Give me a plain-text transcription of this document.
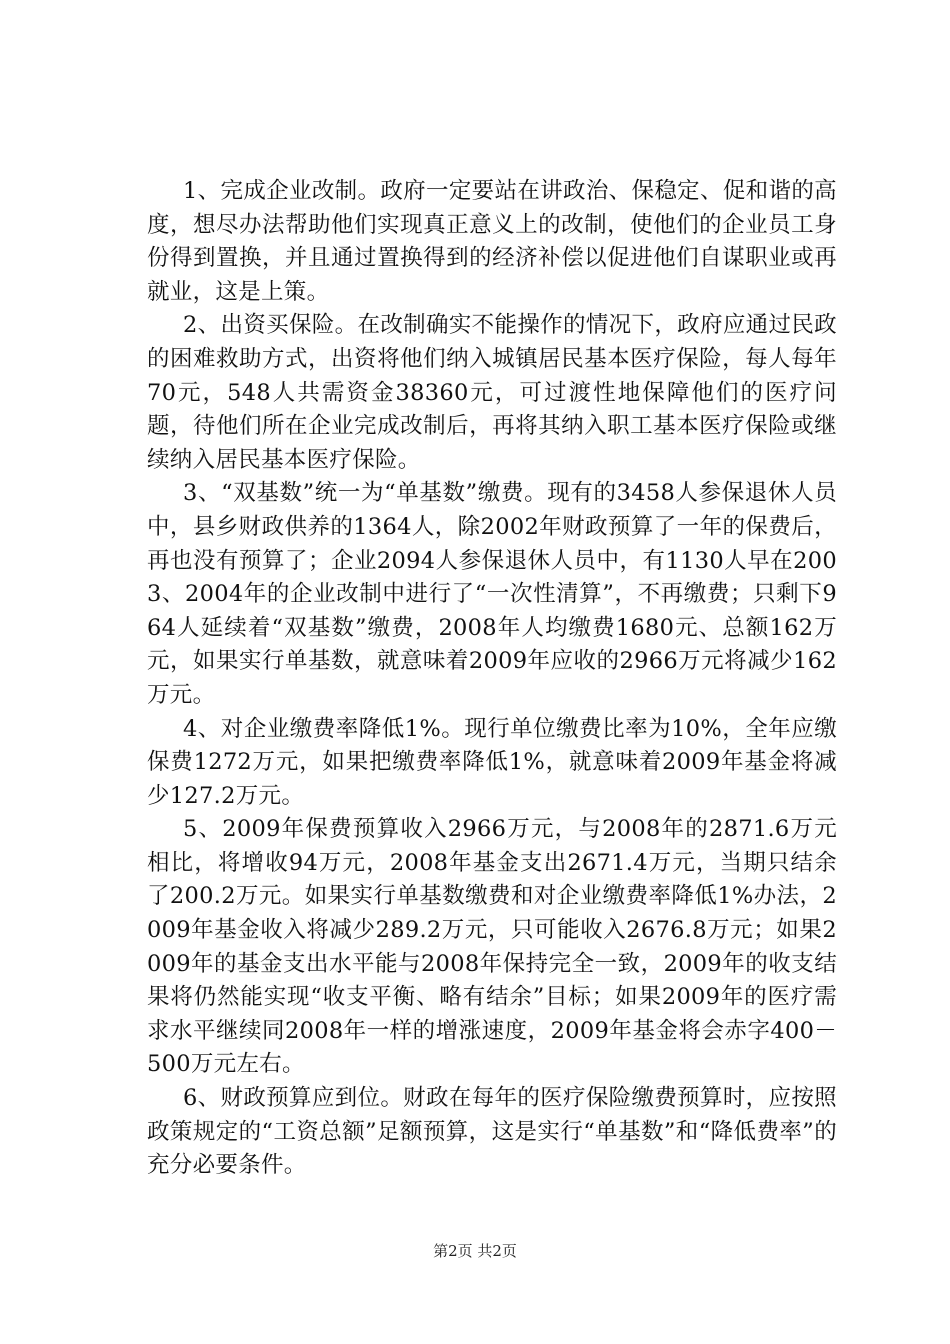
1、完成企业改制。政府一定要站在讲政治、保稳定、促和谐的高度，想尽办法帮助他们实现真正意义上的改制，使他们的企业员工身份得到置换，并且通过置换得到的经济补偿以促进他们自谋职业或再就业，这是上策。

2、出资买保险。在改制确实不能操作的情况下，政府应通过民政的困难救助方式，出资将他们纳入城镇居民基本医疗保险，每人每年70元，548人共需资金38360元，可过渡性地保障他们的医疗问题，待他们所在企业完成改制后，再将其纳入职工基本医疗保险或继续纳入居民基本医疗保险。

3、“双基数”统一为“单基数”缴费。现有的3458人参保退休人员中，县乡财政供养的1364人，除2002年财政预算了一年的保费后，再也没有预算了；企业2094人参保退休人员中，有1130人早在2003、2004年的企业改制中进行了“一次性清算”，不再缴费；只剩下964人延续着“双基数”缴费，2008年人均缴费1680元、总额162万元，如果实行单基数，就意味着2009年应收的2966万元将减少162万元。

4、对企业缴费率降低1%。现行单位缴费比率为10%，全年应缴保费1272万元，如果把缴费率降低1%，就意味着2009年基金将减少127.2万元。

5、2009年保费预算收入2966万元，与2008年的2871.6万元相比，将增收94万元，2008年基金支出2671.4万元，当期只结余了200.2万元。如果实行单基数缴费和对企业缴费率降低1%办法，2009年基金收入将减少289.2万元，只可能收入2676.8万元；如果2009年的基金支出水平能与2008年保持完全一致，2009年的收支结果将仍然能实现“收支平衡、略有结余”目标；如果2009年的医疗需求水平继续同2008年一样的增涨速度，2009年基金将会赤字400－500万元左右。

6、财政预算应到位。财政在每年的医疗保险缴费预算时，应按照政策规定的“工资总额”足额预算，这是实行“单基数”和“降低费率”的充分必要条件。

第2页 共2页
